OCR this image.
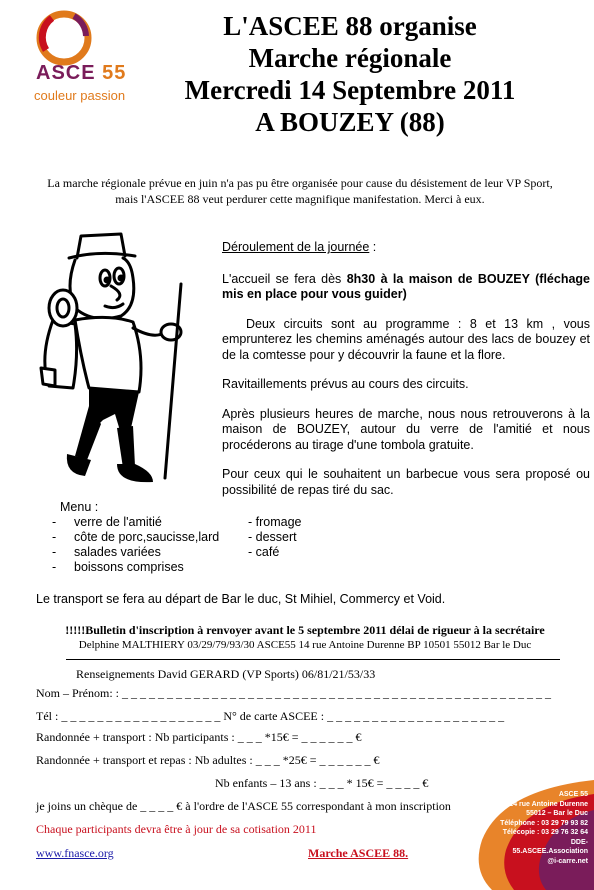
ASCE 55
couleur passion
L'ASCEE 88 organise
Marche régionale
Mercredi 14 Septembre 2011
A BOUZEY (88)
La marche régionale prévue en juin n'a pas pu être organisée pour cause du désistement de leur VP Sport, mais l'ASCEE 88 veut perdurer cette magnifique manifestation. Merci à eux.

Déroulement de la journée :

L'accueil se fera dès 8h30 à la maison de BOUZEY (fléchage mis en place pour vous guider)

Deux circuits sont au programme : 8 et 13 km , vous emprunterez les chemins aménagés autour des lacs de bouzey et de la comtesse pour y découvrir la faune et la flore.

Ravitaillements prévus au cours des circuits.

Après plusieurs heures de marche, nous nous retrouverons à la maison de BOUZEY, autour du verre de l'amitié et nous procéderons au tirage d'une tombola gratuite.

Pour ceux qui le souhaitent un barbecue vous sera proposé ou possibilité de repas tiré du sac.

Menu :
- verre de l'amitié
- côte de porc,saucisse,lard
- salades variées
- boissons comprises
- fromage
- dessert
- café
Le transport se fera au départ de Bar le duc, St Mihiel, Commercy et Void.
!!!!!Bulletin d'inscription à renvoyer avant le 5 septembre 2011 délai de rigueur à la secrétaire
Delphine MALTHIERY 03/29/79/93/30 ASCE55 14 rue Antoine Durenne BP 10501 55012 Bar le Duc
Renseignements David GERARD (VP Sports) 06/81/21/53/33
Nom – Prénom: : _ _ _ _ _ _ _ _ _ _ _ _ _ _ _ _ _ _ _ _ _ _ _ _ _ _ _ _ _ _ _ _ _ _ _ _ _ _ _ _ _ _ _ _ _ _ _ _
Tél : _ _ _ _ _ _ _ _ _ _ _ _ _ _ _ _ _ _ N° de carte ASCEE : _ _ _ _ _ _ _ _ _ _ _ _ _ _ _ _ _ _ _ _
Randonnée + transport : Nb participants : _ _ _ *15€ = _ _ _ _ _ _ €
Randonnée + transport et repas : Nb adultes : _ _ _ *25€ = _ _ _ _ _ _ €
Nb enfants – 13 ans : _ _ _ * 15€ = _ _ _ _ €
je joins un chèque de _ _ _ _ € à l'ordre de l'ASCE 55 correspondant à mon inscription
Chaque participants devra être à jour de sa cotisation 2011
www.fnasce.org	Marche ASCEE 88.
ASCE 55
14 rue Antoine Durenne
55012 – Bar le Duc
Téléphone : 03 29 79 93 82
Télécopie : 03 29 76 32 64
DDE-
55.ASCEE.Association
@i-carre.net
